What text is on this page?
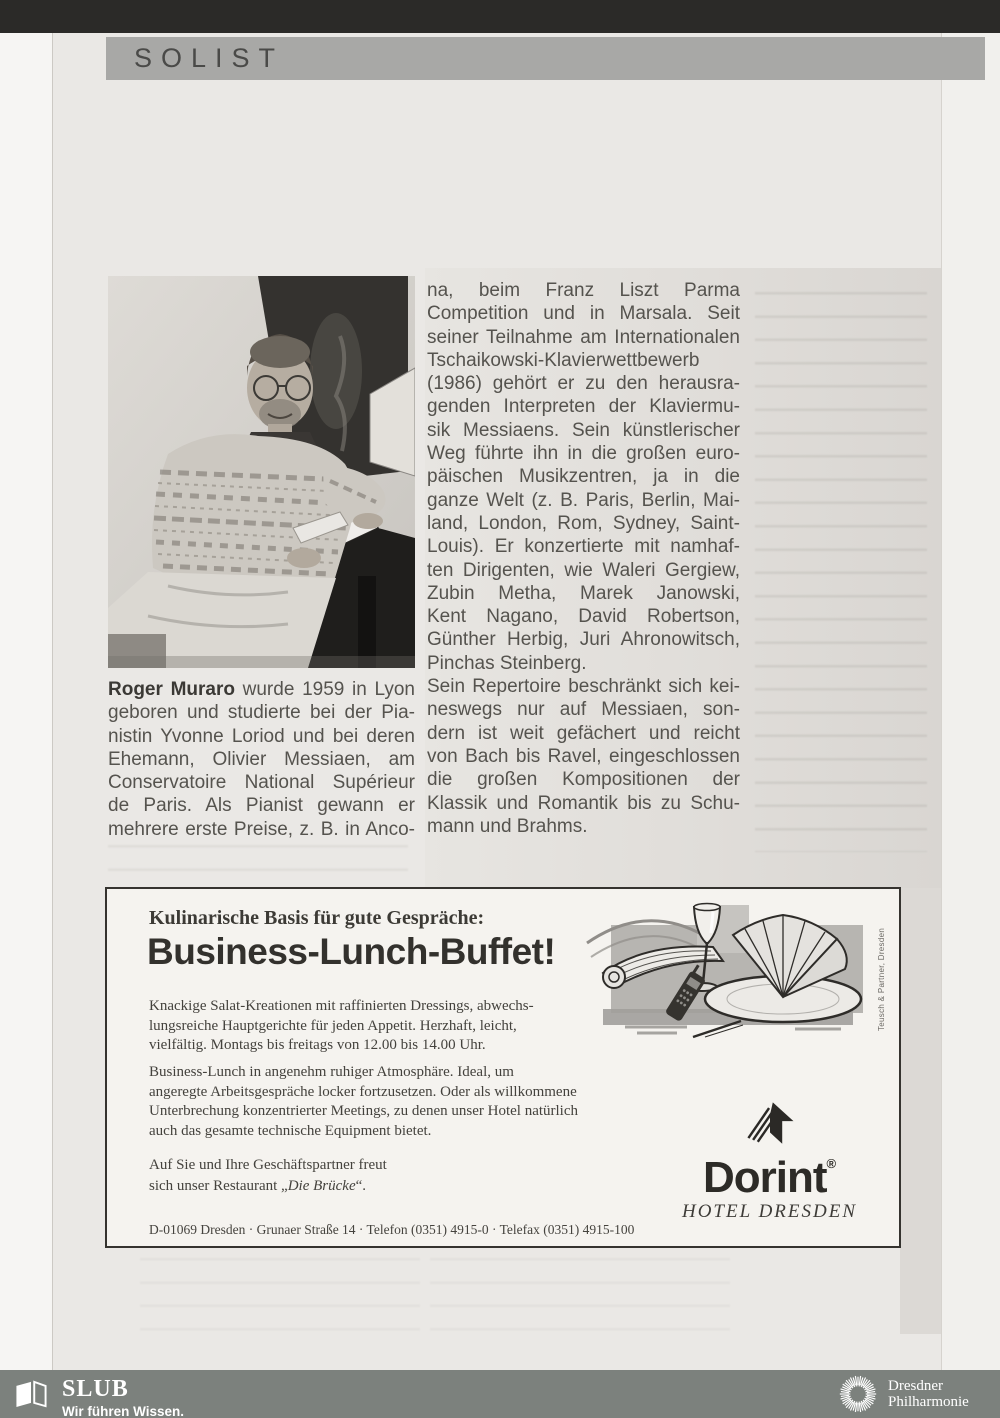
SOLIST
Roger Muraro wurde 1959 in Lyon
geboren und studierte bei der Pia-
nistin Yvonne Loriod und bei deren
Ehemann, Olivier Messiaen, am
Conservatoire National Supérieur
de Paris. Als Pianist gewann er
mehrere erste Preise, z. B. in Anco-
na, beim Franz Liszt Parma
Competition und in Marsala. Seit
seiner Teilnahme am Internationalen
Tschaikowski-Klavierwettbewerb
(1986) gehört er zu den herausra-
genden Interpreten der Klaviermu-
sik Messiaens. Sein künstlerischer
Weg führte ihn in die großen euro-
päischen Musikzentren, ja in die
ganze Welt (z. B. Paris, Berlin, Mai-
land, London, Rom, Sydney, Saint-
Louis). Er konzertierte mit namhaf-
ten Dirigenten, wie Waleri Gergiew,
Zubin Metha, Marek Janowski,
Kent Nagano, David Robertson,
Günther Herbig, Juri Ahronowitsch,
Pinchas Steinberg.
Sein Repertoire beschränkt sich kei-
neswegs nur auf Messiaen, son-
dern ist weit gefächert und reicht
von Bach bis Ravel, eingeschlossen
die großen Kompositionen der
Klassik und Romantik bis zu Schu-
mann und Brahms.
Kulinarische Basis für gute Gespräche:
Business-Lunch-Buffet!	Teusch & Partner, Dresden
Knackige Salat-Kreationen mit raffinierten Dressings, abwechs-
lungsreiche Hauptgerichte für jeden Appetit. Herzhaft, leicht,
vielfältig. Montags bis freitags von 12.00 bis 14.00 Uhr.
Business-Lunch in angenehm ruhiger Atmosphäre. Ideal, um
angeregte Arbeitsgespräche locker fortzusetzen. Oder als willkommene
Unterbrechung konzentrierter Meetings, zu denen unser Hotel natürlich
auch das gesamte technische Equipment bietet.
Auf Sie und Ihre Geschäftspartner freut
sich unser Restaurant „Die Brücke“.
D-01069 Dresden · Grunaer Straße 14 · Telefon (0351) 4915-0 · Telefax (0351) 4915-100
Dorint®
HOTEL DRESDEN
SLUB
Wir führen Wissen.
Dresdner
Philharmonie
